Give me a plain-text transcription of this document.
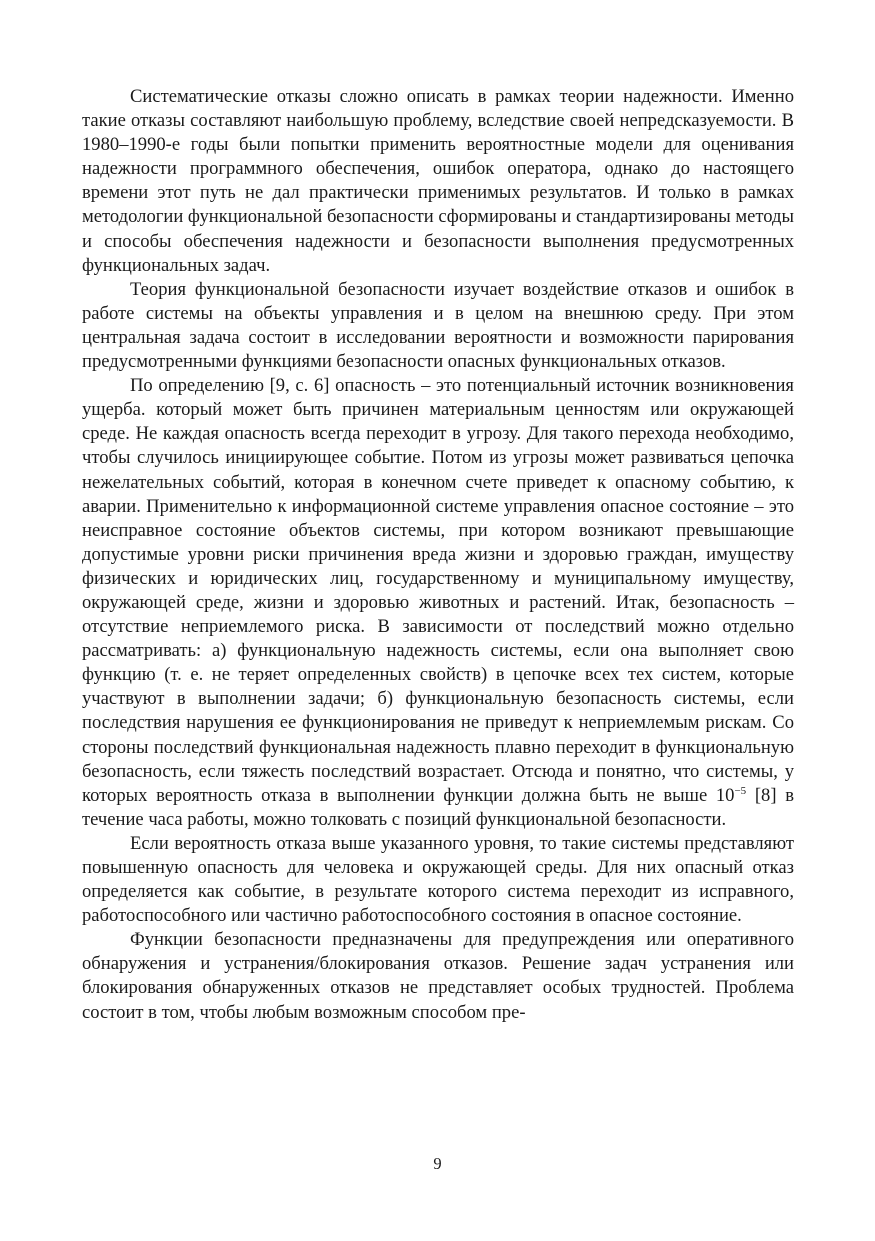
Систематические отказы сложно описать в рамках теории надежности. Именно такие отказы составляют наибольшую проблему, вследствие своей непредсказуемости. В 1980–1990-е годы были попытки применить вероятностные модели для оценивания надежности программного обеспечения, ошибок оператора, однако до настоящего времени этот путь не дал практически применимых результатов. И только в рамках методологии функциональной безопасности сформированы и стандартизированы методы и способы обеспечения надежности и безопасности выполнения предусмотренных функциональных задач.

Теория функциональной безопасности изучает воздействие отказов и ошибок в работе системы на объекты управления и в целом на внешнюю среду. При этом центральная задача состоит в исследовании вероятности и возможности парирования предусмотренными функциями безопасности опасных функциональных отказов.

По определению [9, с. 6] опасность – это потенциальный источник возникновения ущерба. который может быть причинен материальным ценностям или окружающей среде. Не каждая опасность всегда переходит в угрозу. Для такого перехода необходимо, чтобы случилось инициирующее событие. Потом из угрозы может развиваться цепочка нежелательных событий, которая в конечном счете приведет к опасному событию, к аварии. Применительно к информационной системе управления опасное состояние – это неисправное состояние объектов системы, при котором возникают превышающие допустимые уровни риски причинения вреда жизни и здоровью граждан, имуществу физических и юридических лиц, государственному и муниципальному имуществу, окружающей среде, жизни и здоровью животных и растений. Итак, безопасность – отсутствие неприемлемого риска. В зависимости от последствий можно отдельно рассматривать: а) функциональную надежность системы, если она выполняет свою функцию (т. е. не теряет определенных свойств) в цепочке всех тех систем, которые участвуют в выполнении задачи; б) функциональную безопасность системы, если последствия нарушения ее функционирования не приведут к неприемлемым рискам. Со стороны последствий функциональная надежность плавно переходит в функциональную безопасность, если тяжесть последствий возрастает. Отсюда и понятно, что системы, у которых вероятность отказа в выполнении функции должна быть не выше $10^{-5}$ [8] в течение часа работы, можно толковать с позиций функциональной безопасности.

Если вероятность отказа выше указанного уровня, то такие системы представляют повышенную опасность для человека и окружающей среды. Для них опасный отказ определяется как событие, в результате которого система переходит из исправного, работоспособного или частично работоспособного состояния в опасное состояние.

Функции безопасности предназначены для предупреждения или оперативного обнаружения и устранения/блокирования отказов. Решение задач устранения или блокирования обнаруженных отказов не представляет особых трудностей. Проблема состоит в том, чтобы любым возможным способом пре-

9
